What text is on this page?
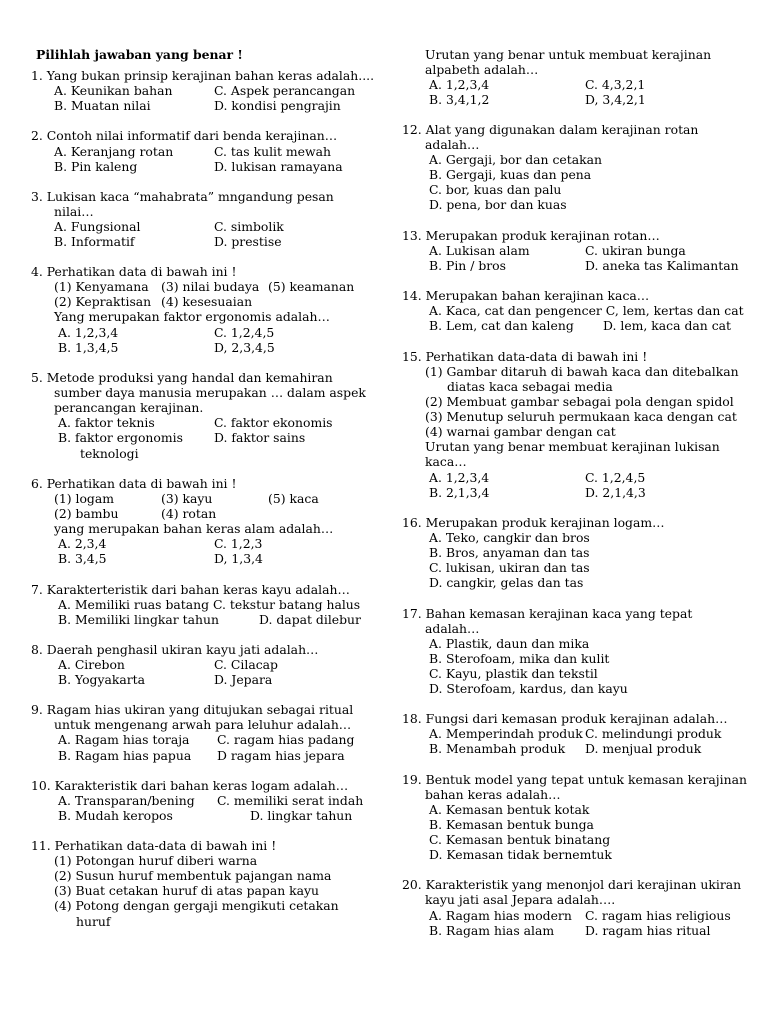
Pilihlah jawaban yang benar !
1. Yang bukan prinsip kerajinan bahan keras adalah....
A. Keunikan bahan	C. Aspek perancangan
B. Muatan nilai	D. kondisi pengrajin
2. Contoh nilai informatif dari benda kerajinan…
A. Keranjang rotan	C. tas kulit mewah
B. Pin kaleng	D. lukisan ramayana
3. Lukisan kaca “mahabrata” mngandung pesan
nilai…
A. Fungsional	C. simbolik
B. Informatif	D. prestise
4. Perhatikan data di bawah ini !
(1) Kenyamana (3) nilai budaya (5) keamanan
(2) Kepraktisan (4) kesesuaian
Yang merupakan faktor ergonomis adalah…
A. 1,2,3,4	C. 1,2,4,5
B. 1,3,4,5	D, 2,3,4,5
5. Metode produksi yang handal dan kemahiran
sumber daya manusia merupakan … dalam aspek
perancangan kerajinan.
A. faktor teknis	C. faktor ekonomis
B. faktor ergonomis	D. faktor sains
teknologi
6. Perhatikan data di bawah ini !
(1) logam	(3) kayu	(5) kaca
(2) bambu	(4) rotan
yang merupakan bahan keras alam adalah…
A. 2,3,4	C. 1,2,3
B. 3,4,5	D, 1,3,4
7. Karakterteristik dari bahan keras kayu adalah…
A. Memiliki ruas batang C. tekstur batang halus
B. Memiliki lingkar tahun	D. dapat dilebur
8. Daerah penghasil ukiran kayu jati adalah…
A. Cirebon	C. Cilacap
B. Yogyakarta	D. Jepara
9. Ragam hias ukiran yang ditujukan sebagai ritual
untuk mengenang arwah para leluhur adalah…
A. Ragam hias toraja C. ragam hias padang
B. Ragam hias papua D ragam hias jepara
10. Karakteristik dari bahan keras logam adalah…
A. Transparan/bening C. memiliki serat indah
B. Mudah keropos	D. lingkar tahun
11. Perhatikan data-data di bawah ini !
(1) Potongan huruf diberi warna
(2) Susun huruf membentuk pajangan nama
(3) Buat cetakan huruf di atas papan kayu
(4) Potong dengan gergaji mengikuti cetakan
huruf
Urutan yang benar untuk membuat kerajinan
alpabeth adalah…
A. 1,2,3,4	C. 4,3,2,1
B. 3,4,1,2	D, 3,4,2,1
12. Alat yang digunakan dalam kerajinan rotan
adalah…
A. Gergaji, bor dan cetakan
B. Gergaji, kuas dan pena
C. bor, kuas dan palu
D. pena, bor dan kuas
13. Merupakan produk kerajinan rotan…
A. Lukisan alam	C. ukiran bunga
B. Pin / bros	D. aneka tas Kalimantan
14. Merupakan bahan kerajinan kaca…
A. Kaca, cat dan pengencer C, lem, kertas dan cat
B. Lem, cat dan kaleng D. lem, kaca dan cat
15. Perhatikan data-data di bawah ini !
(1) Gambar ditaruh di bawah kaca dan ditebalkan
diatas kaca sebagai media
(2) Membuat gambar sebagai pola dengan spidol
(3) Menutup seluruh permukaan kaca dengan cat
(4) warnai gambar dengan cat
Urutan yang benar membuat kerajinan lukisan
kaca…
A. 1,2,3,4	C. 1,2,4,5
B. 2,1,3,4	D. 2,1,4,3
16. Merupakan produk kerajinan logam…
A. Teko, cangkir dan bros
B. Bros, anyaman dan tas
C. lukisan, ukiran dan tas
D. cangkir, gelas dan tas
17. Bahan kemasan kerajinan kaca yang tepat
adalah…
A. Plastik, daun dan mika
B. Sterofoam, mika dan kulit
C. Kayu, plastik dan tekstil
D. Sterofoam, kardus, dan kayu
18. Fungsi dari kemasan produk kerajinan adalah…
A. Memperindah produk C. melindungi produk
B. Menambah produk D. menjual produk
19. Bentuk model yang tepat untuk kemasan kerajinan
bahan keras adalah…
A. Kemasan bentuk kotak
B. Kemasan bentuk bunga
C. Kemasan bentuk binatang
D. Kemasan tidak bernemtuk
20. Karakteristik yang menonjol dari kerajinan ukiran
kayu jati asal Jepara adalah….
A. Ragam hias modern C. ragam hias religious
B. Ragam hias alam D. ragam hias ritual
